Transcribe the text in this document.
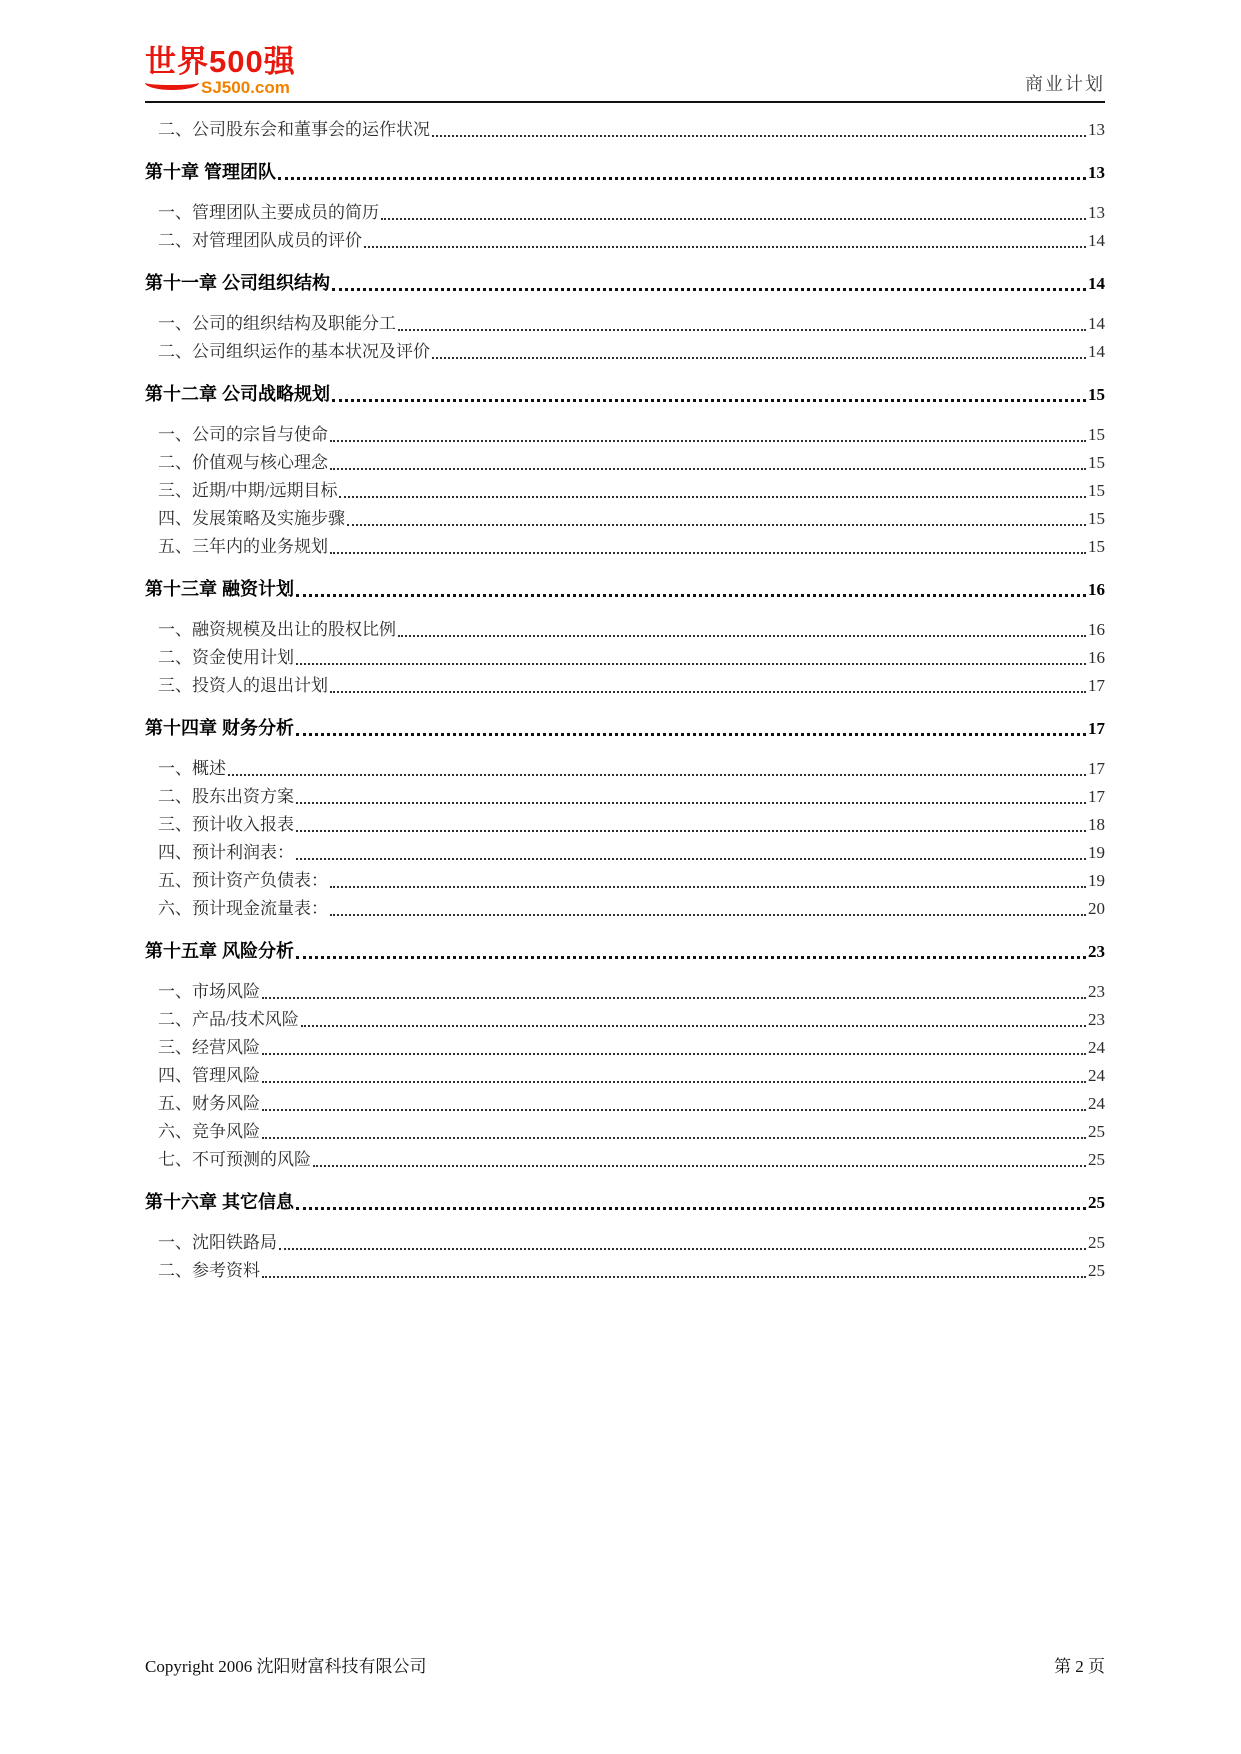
世界500强
SJ500.com	商业计划
二、公司股东会和董事会的运作状况	13
第十章 管理团队	13
一、管理团队主要成员的简历	13
二、对管理团队成员的评价	14
第十一章 公司组织结构	14
一、公司的组织结构及职能分工	14
二、公司组织运作的基本状况及评价	14
第十二章 公司战略规划	15
一、公司的宗旨与使命	15
二、价值观与核心理念	15
三、近期/中期/远期目标	15
四、发展策略及实施步骤	15
五、三年内的业务规划	15
第十三章 融资计划	16
一、融资规模及出让的股权比例	16
二、资金使用计划	16
三、投资人的退出计划	17
第十四章 财务分析	17
一、概述	17
二、股东出资方案	17
三、预计收入报表	18
四、预计利润表：	19
五、预计资产负债表：	19
六、预计现金流量表：	20
第十五章 风险分析	23
一、市场风险	23
二、产品/技术风险	23
三、经营风险	24
四、管理风险	24
五、财务风险	24
六、竞争风险	25
七、不可预测的风险	25
第十六章 其它信息	25
一、沈阳铁路局	25
二、参考资料	25
Copyright 2006 沈阳财富科技有限公司	第 2 页
